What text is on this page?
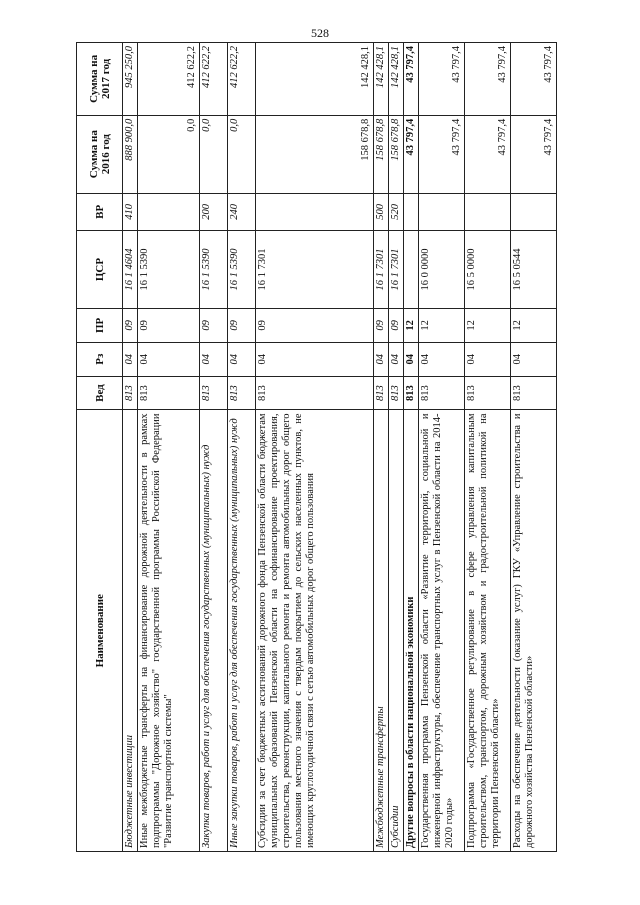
528
Наименование	Вед	Рз	ПР	ЦСР	ВР	Сумма на 2016 год	Сумма на 2017 год
Бюджетные инвестиции	813	04	09	16 1 4604	410	888 900,0	945 250,0
Иные межбюджетные трансферты на финансирование дорожной деятельности в рамках подпрограммы "Дорожное хозяйство" государственной программы Российской Федерации "Развитие транспортной системы"	813	04	09	16 1 5390		0,0	412 622,2
Закупка товаров, работ и услуг для обеспечения государственных (муниципальных) нужд	813	04	09	16 1 5390	200	0,0	412 622,2
Иные закупки товаров, работ и услуг для обеспечения государственных (муниципальных) нужд	813	04	09	16 1 5390	240	0,0	412 622,2
Субсидии за счет бюджетных ассигнований дорожного фонда Пензенской области бюджетам муниципальных образований Пензенской области на софинансирование проектирования, строительства, реконструкции, капитального ремонта и ремонта автомобильных дорог общего пользования местного значения с твердым покрытием до сельских населенных пунктов, не имеющих круглогодичной связи с сетью автомобильных дорог общего пользования	813	04	09	16 1 7301		158 678,8	142 428,1
Межбюджетные трансферты	813	04	09	16 1 7301	500	158 678,8	142 428,1
Субсидии	813	04	09	16 1 7301	520	158 678,8	142 428,1
Другие вопросы в области национальной экономики	813	04	12			43 797,4	43 797,4
Государственная программа Пензенской области «Развитие территорий, социальной и инженерной инфраструктуры, обеспечение транспортных услуг в Пензенской области на 2014-2020 годы»	813	04	12	16 0 0000		43 797,4	43 797,4
Подпрограмма «Государственное регулирование в сфере управления капитальным строительством, транспортом, дорожным хозяйством и градостроительной политикой на территории Пензенской области»	813	04	12	16 5 0000		43 797,4	43 797,4
Расходы на обеспечение деятельности (оказание услуг) ГКУ «Управление строительства и дорожного хозяйства Пензенской области»	813	04	12	16 5 0544		43 797,4	43 797,4
